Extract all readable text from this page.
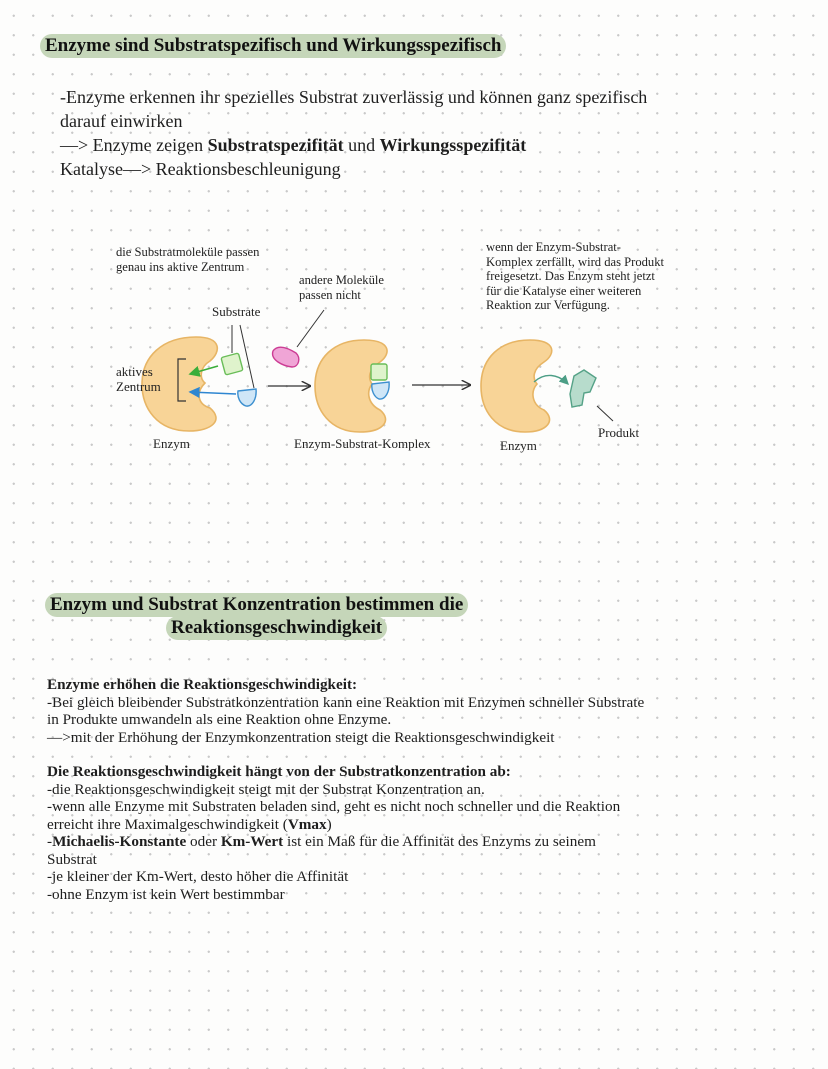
Enzyme sind Substratspezifisch und Wirkungsspezifisch
-Enzyme erkennen ihr spezielles Substrat zuverlässig und können ganz spezifisch
darauf einwirken
—> Enzyme zeigen Substratspezifität und Wirkungsspezifität
Katalyse—> Reaktionsbeschleunigung
die Substratmoleküle passen
genau ins aktive Zentrum
andere Moleküle
passen nicht
Substrate
aktives
Zentrum
Enzym	Enzym-Substrat-Komplex	Enzym
Produkt
wenn der Enzym-Substrat-
Komplex zerfällt, wird das Produkt
freigesetzt. Das Enzym steht jetzt
für die Katalyse einer weiteren
Reaktion zur Verfügung.
Enzym und Substrat Konzentration bestimmen die
Reaktionsgeschwindigkeit
Enzyme erhöhen die Reaktionsgeschwindigkeit:
-Bei gleich bleibender Substratkonzentration kann eine Reaktion mit Enzymen schneller Substrate
in Produkte umwandeln als eine Reaktion ohne Enzyme.
—>mit der Erhöhung der Enzymkonzentration steigt die Reaktionsgeschwindigkeit
Die Reaktionsgeschwindigkeit hängt von der Substratkonzentration ab:
-die Reaktionsgeschwindigkeit steigt mit der Substrat Konzentration an.
-wenn alle Enzyme mit Substraten beladen sind, geht es nicht noch schneller und die Reaktion
erreicht ihre Maximalgeschwindigkeit (Vmax)
-Michaelis-Konstante oder Km-Wert ist ein Maß für die Affinität des Enzyms zu seinem
Substrat
-je kleiner der Km-Wert, desto höher die Affinität
-ohne Enzym ist kein Wert bestimmbar
